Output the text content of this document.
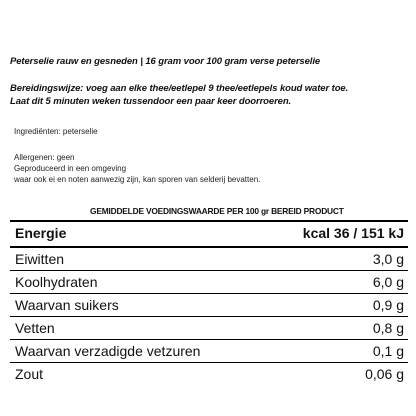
Peterselie rauw en gesneden | 16 gram voor 100 gram verse peterselie
Bereidingswijze: voeg aan elke thee/eetlepel 9 thee/eetlepels koud water toe.
Laat dit 5 minuten weken tussendoor een paar keer doorroeren.
Ingrediënten: peterselie
Allergenen: geen
Geproduceerd in een omgeving
waar ook ei en noten aanwezig zijn, kan sporen van selderij bevatten.
GEMIDDELDE VOEDINGSWAARDE PER 100 gr BEREID PRODUCT
Energie	kcal 36 / 151 kJ
Eiwitten	3,0 g
Koolhydraten	6,0 g
Waarvan suikers	0,9 g
Vetten	0,8 g
Waarvan verzadigde vetzuren	0,1 g
Zout	0,06 g
